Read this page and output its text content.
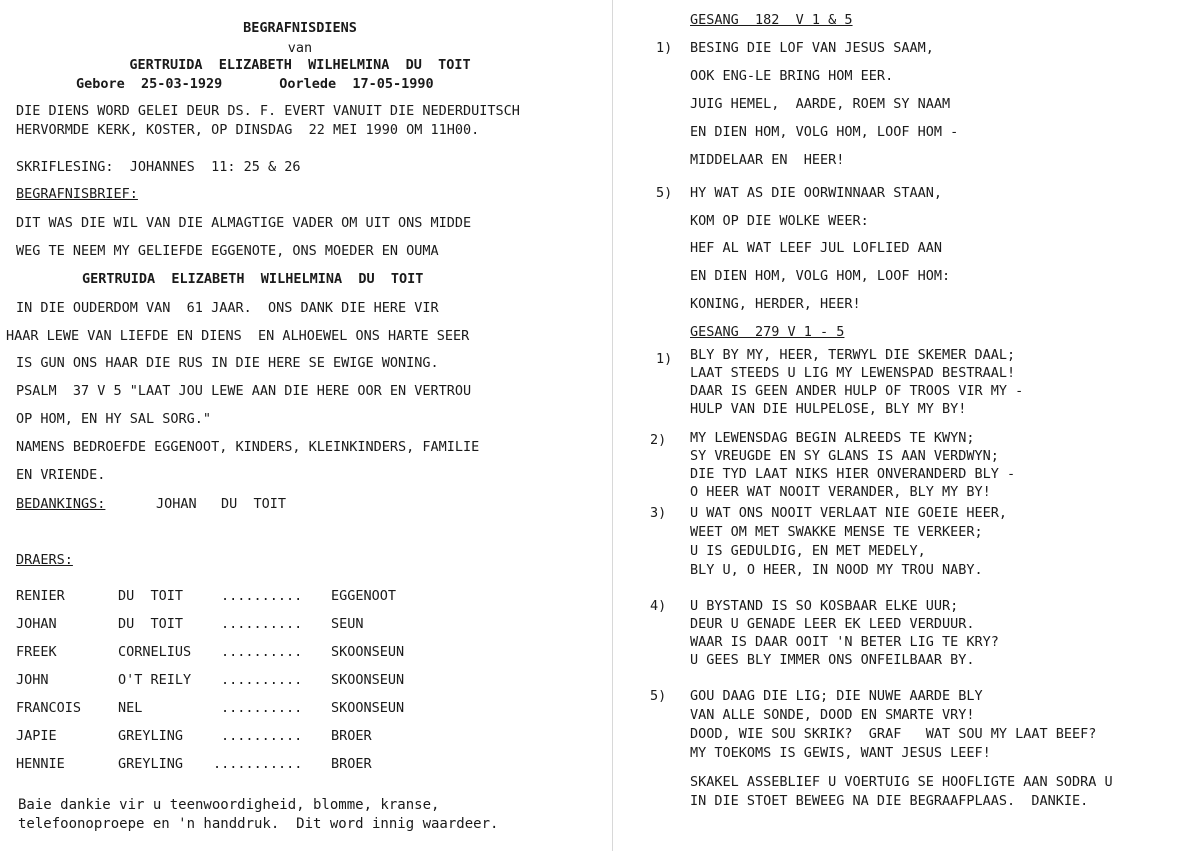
BEGRAFNISDIENS
van
GERTRUIDA  ELIZABETH  WILHELMINA  DU  TOIT
Gebore  25-03-1929       Oorlede  17-05-1990
DIE DIENS WORD GELEI DEUR DS. F. EVERT VANUIT DIE NEDERDUITSCH
HERVORMDE KERK, KOSTER, OP DINSDAG  22 MEI 1990 OM 11H00.
SKRIFLESING:  JOHANNES  11: 25 & 26
BEGRAFNISBRIEF:
DIT WAS DIE WIL VAN DIE ALMAGTIGE VADER OM UIT ONS MIDDE
WEG TE NEEM MY GELIEFDE EGGENOTE, ONS MOEDER EN OUMA
GERTRUIDA  ELIZABETH  WILHELMINA  DU  TOIT
IN DIE OUDERDOM VAN  61 JAAR.  ONS DANK DIE HERE VIR
HAAR LEWE VAN LIEFDE EN DIENS  EN ALHOEWEL ONS HARTE SEER
IS GUN ONS HAAR DIE RUS IN DIE HERE SE EWIGE WONING.
PSALM  37 V 5 "LAAT JOU LEWE AAN DIE HERE OOR EN VERTROU
OP HOM, EN HY SAL SORG."
NAMENS BEDROEFDE EGGENOOT, KINDERS, KLEINKINDERS, FAMILIE
EN VRIENDE.
BEDANKINGS:	JOHAN   DU  TOIT
DRAERS:
RENIER	DU  TOIT	.......... EGGENOOT
JOHAN	DU  TOIT	.......... SEUN
FREEK	CORNELIUS .......... SKOONSEUN
JOHN	O'T REILY .......... SKOONSEUN
FRANCOIS	NEL	.......... SKOONSEUN
JAPIE	GREYLING	.......... BROER
HENNIE	GREYLING ........... BROER
Baie dankie vir u teenwoordigheid, blomme, kranse,
telefoonoproepe en 'n handdruk.  Dit word innig waardeer.
GESANG  182  V 1 & 5
1) BESING DIE LOF VAN JESUS SAAM,
OOK ENG-LE BRING HOM EER.
JUIG HEMEL,  AARDE, ROEM SY NAAM
EN DIEN HOM, VOLG HOM, LOOF HOM -
MIDDELAAR EN  HEER!
5) HY WAT AS DIE OORWINNAAR STAAN,
KOM OP DIE WOLKE WEER:
HEF AL WAT LEEF JUL LOFLIED AAN
EN DIEN HOM, VOLG HOM, LOOF HOM:
KONING, HERDER, HEER!
GESANG  279 V 1 - 5
1) BLY BY MY, HEER, TERWYL DIE SKEMER DAAL;
LAAT STEEDS U LIG MY LEWENSPAD BESTRAAL!
DAAR IS GEEN ANDER HULP OF TROOS VIR MY -
HULP VAN DIE HULPELOSE, BLY MY BY!
2) MY LEWENSDAG BEGIN ALREEDS TE KWYN;
SY VREUGDE EN SY GLANS IS AAN VERDWYN;
DIE TYD LAAT NIKS HIER ONVERANDERD BLY -
O HEER WAT NOOIT VERANDER, BLY MY BY!
3) U WAT ONS NOOIT VERLAAT NIE GOEIE HEER,
WEET OM MET SWAKKE MENSE TE VERKEER;
U IS GEDULDIG, EN MET MEDELY,
BLY U, O HEER, IN NOOD MY TROU NABY.
4) U BYSTAND IS SO KOSBAAR ELKE UUR;
DEUR U GENADE LEER EK LEED VERDUUR.
WAAR IS DAAR OOIT 'N BETER LIG TE KRY?
U GEES BLY IMMER ONS ONFEILBAAR BY.
5) GOU DAAG DIE LIG; DIE NUWE AARDE BLY
VAN ALLE SONDE, DOOD EN SMARTE VRY!
DOOD, WIE SOU SKRIK?  GRAF   WAT SOU MY LAAT BEEF?
MY TOEKOMS IS GEWIS, WANT JESUS LEEF!
SKAKEL ASSEBLIEF U VOERTUIG SE HOOFLIGTE AAN SODRA U
IN DIE STOET BEWEEG NA DIE BEGRAAFPLAAS.  DANKIE.
